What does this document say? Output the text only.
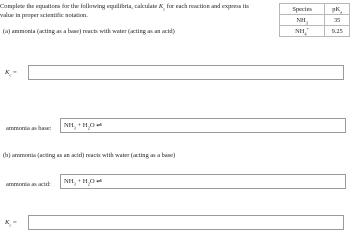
Complete the equations for the following equilibria, calculate $K_c$ for each reaction and express its
value in proper scientific notation.
Species	$pK_a$
$NH_3$	35
$NH_4^+$	9.25
(a) ammonia (acting as a base) reacts with water (acting as an acid)
$K_c$ =
ammonia as base:	$NH_3 + H_2O$ ⇌
(b) ammonia (acting as an acid) reacts with water (acting as a base)
ammonia as acid:	$NH_3 + H_2O$ ⇌
$K_c$ =
